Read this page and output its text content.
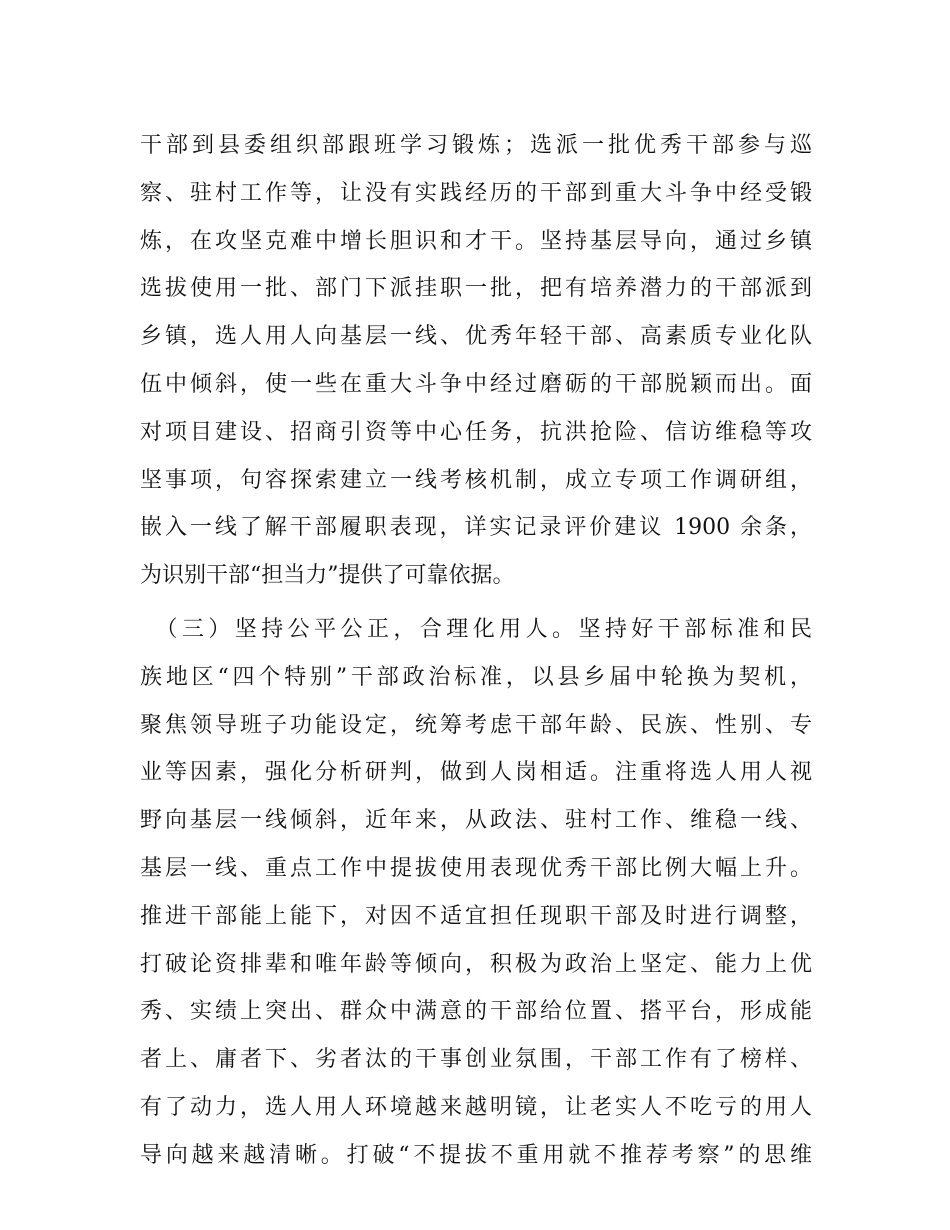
干部到县委组织部跟班学习锻炼；选派一批优秀干部参与巡
察、驻村工作等，让没有实践经历的干部到重大斗争中经受锻
炼，在攻坚克难中增长胆识和才干。坚持基层导向，通过乡镇
选拔使用一批、部门下派挂职一批，把有培养潜力的干部派到
乡镇，选人用人向基层一线、优秀年轻干部、高素质专业化队
伍中倾斜，使一些在重大斗争中经过磨砺的干部脱颖而出。面
对项目建设、招商引资等中心任务，抗洪抢险、信访维稳等攻
坚事项，句容探索建立一线考核机制，成立专项工作调研组，
嵌入一线了解干部履职表现，详实记录评价建议 1900 余条，
为识别干部“担当力”提供了可靠依据。
　（三）坚持公平公正，合理化用人。坚持好干部标准和民
族地区“四个特别”干部政治标准，以县乡届中轮换为契机，
聚焦领导班子功能设定，统筹考虑干部年龄、民族、性别、专
业等因素，强化分析研判，做到人岗相适。注重将选人用人视
野向基层一线倾斜，近年来，从政法、驻村工作、维稳一线、
基层一线、重点工作中提拔使用表现优秀干部比例大幅上升。
推进干部能上能下，对因不适宜担任现职干部及时进行调整，
打破论资排辈和唯年龄等倾向，积极为政治上坚定、能力上优
秀、实绩上突出、群众中满意的干部给位置、搭平台，形成能
者上、庸者下、劣者汰的干事创业氛围，干部工作有了榜样、
有了动力，选人用人环境越来越明镜，让老实人不吃亏的用人
导向越来越清晰。打破“不提拔不重用就不推荐考察”的思维
